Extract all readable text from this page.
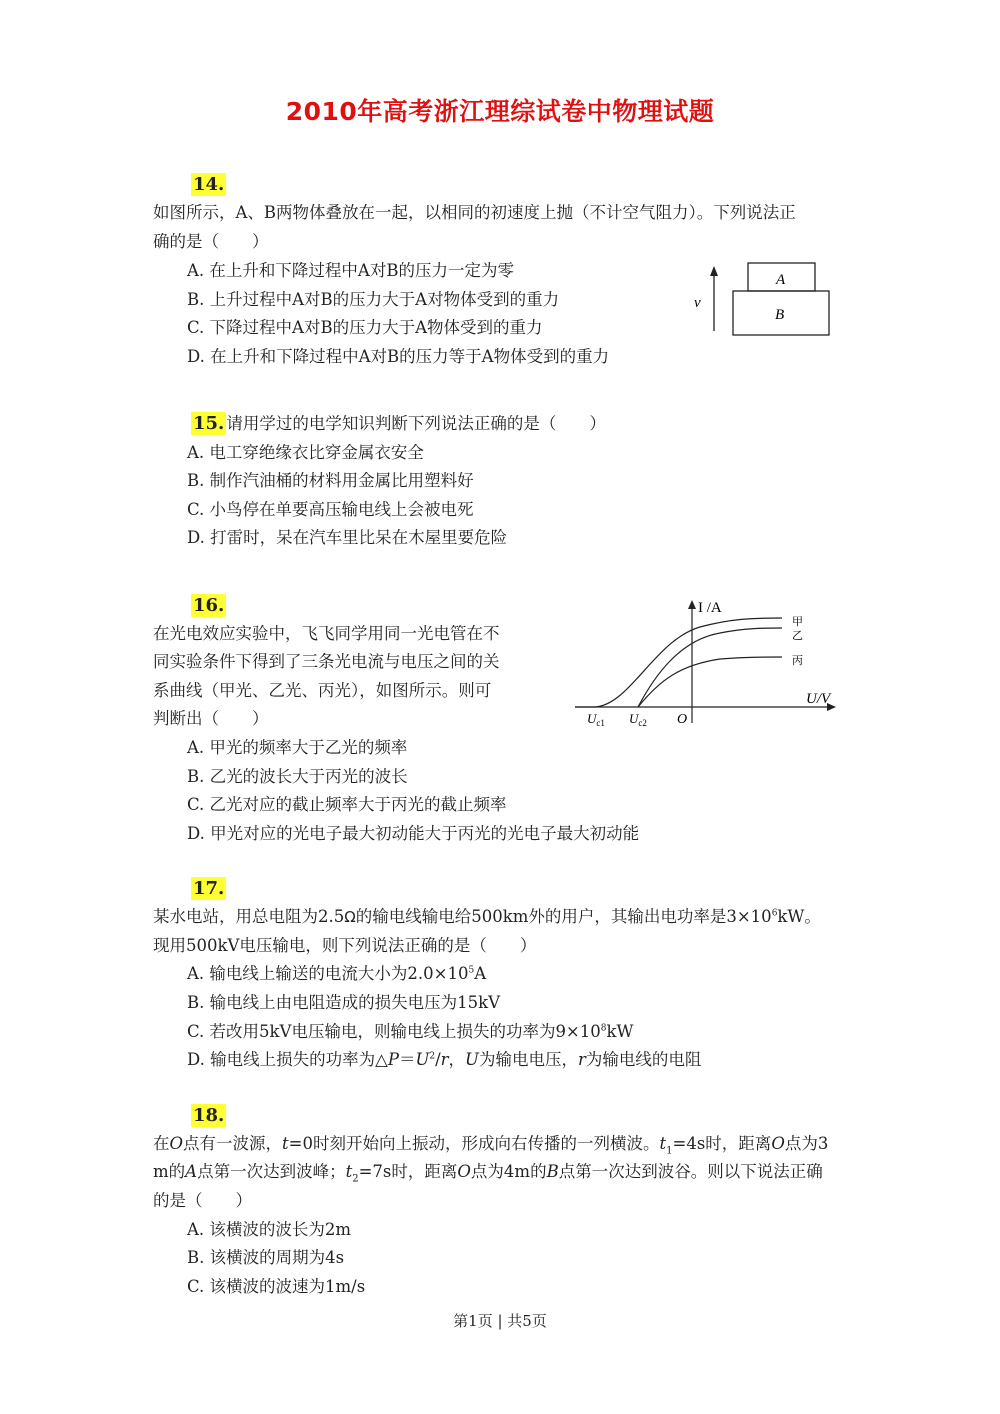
2010年高考浙江理综试卷中物理试题
14.
如图所示，A、B两物体叠放在一起，以相同的初速度上抛（不计空气阻力）。下列说法正
确的是（　　）
A. 在上升和下降过程中A对B的压力一定为零
B. 上升过程中A对B的压力大于A对物体受到的重力
C. 下降过程中A对B的压力大于A物体受到的重力
D. 在上升和下降过程中A对B的压力等于A物体受到的重力
v
A
B
15. 请用学过的电学知识判断下列说法正确的是（　　）
A. 电工穿绝缘衣比穿金属衣安全
B. 制作汽油桶的材料用金属比用塑料好
C. 小鸟停在单要高压输电线上会被电死
D. 打雷时，呆在汽车里比呆在木屋里要危险
16.
在光电效应实验中，飞飞同学用同一光电管在不
同实验条件下得到了三条光电流与电压之间的关
系曲线（甲光、乙光、丙光），如图所示。则可
判断出（　　）
A. 甲光的频率大于乙光的频率
B. 乙光的波长大于丙光的波长
C. 乙光对应的截止频率大于丙光的截止频率
D. 甲光对应的光电子最大初动能大于丙光的光电子最大初动能
I /A
U/V
O
$U_{c1}$ $U_{c2}$
甲
乙
丙
17.
某水电站，用总电阻为2.5Ω的输电线输电给500km外的用户，其输出电功率是$3\times 10^6kW$。
现用500kV电压输电，则下列说法正确的是（　　）
A. 输电线上输送的电流大小为$2.0\times 10^5A$
B. 输电线上由电阻造成的损失电压为15kV
C. 若改用5kV电压输电，则输电线上损失的功率为$9\times 10^8kW$
D. 输电线上损失的功率为$\triangle P=U^2/r$，U为输电电压，r为输电线的电阻
18.
在O点有一波源，t=0时刻开始向上振动，形成向右传播的一列横波。$t_1=4s$时，距离O点为3
m的A点第一次达到波峰；$t_2=7s$时，距离O点为4m的B点第一次达到波谷。则以下说法正确
的是（　　）
A. 该横波的波长为2m
B. 该横波的周期为4s
C. 该横波的波速为1m/s
第1页 | 共5页
